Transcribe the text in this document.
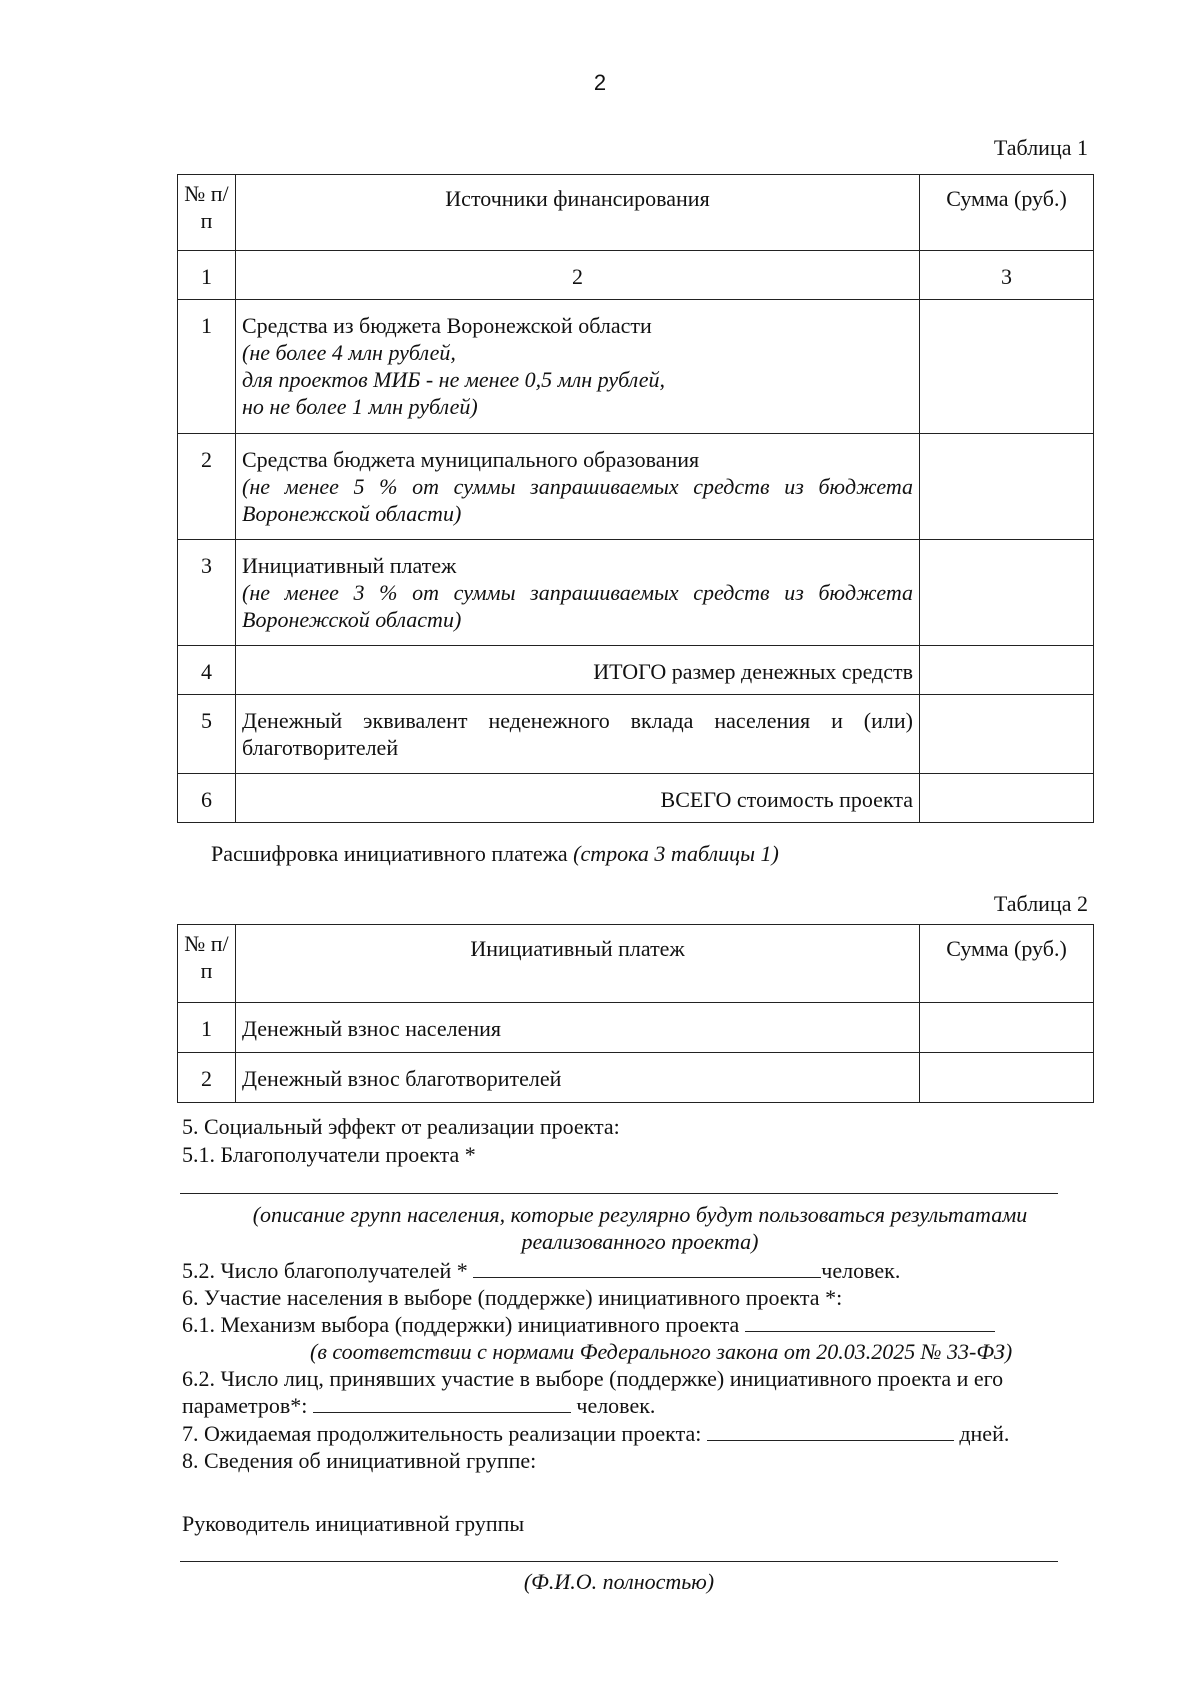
2
Таблица 1
№ п/п	Источники финансирования	Сумма (руб.)
1	2	3
1	Средства из бюджета Воронежской области
(не более 4 млн рублей,
для проектов МИБ - не менее 0,5 млн рублей,
но не более 1 млн рублей)	

2	Средства бюджета муниципального образования
(не менее 5 % от суммы запрашиваемых средств из бюджета Воронежской области)	

3	Инициативный платеж
(не менее 3 % от суммы запрашиваемых средств из бюджета Воронежской области)	

4	ИТОГО размер денежных средств	
5	Денежный эквивалент неденежного вклада населения и (или) благотворителей	
6	ВСЕГО стоимость проекта	
Расшифровка инициативного платежа (строка 3 таблицы 1)
Таблица 2
№ п/п	Инициативный платеж	Сумма (руб.)
1	Денежный взнос населения	
2	Денежный взнос благотворителей	
5. Социальный эффект от реализации проекта:
5.1. Благополучатели проекта *
(описание групп населения, которые регулярно будут пользоваться результатами реализованного проекта)
5.2. Число благополучателей *	человек.
6. Участие населения в выборе (поддержке) инициативного проекта *:
6.1. Механизм выбора (поддержки) инициативного проекта
(в соответствии с нормами Федерального закона от 20.03.2025 № 33-ФЗ)
6.2. Число лиц, принявших участие в выборе (поддержке) инициативного проекта и его
параметров*:	человек.
7. Ожидаемая продолжительность реализации проекта:	дней.
8. Сведения об инициативной группе:
Руководитель инициативной группы
(Ф.И.О. полностью)
